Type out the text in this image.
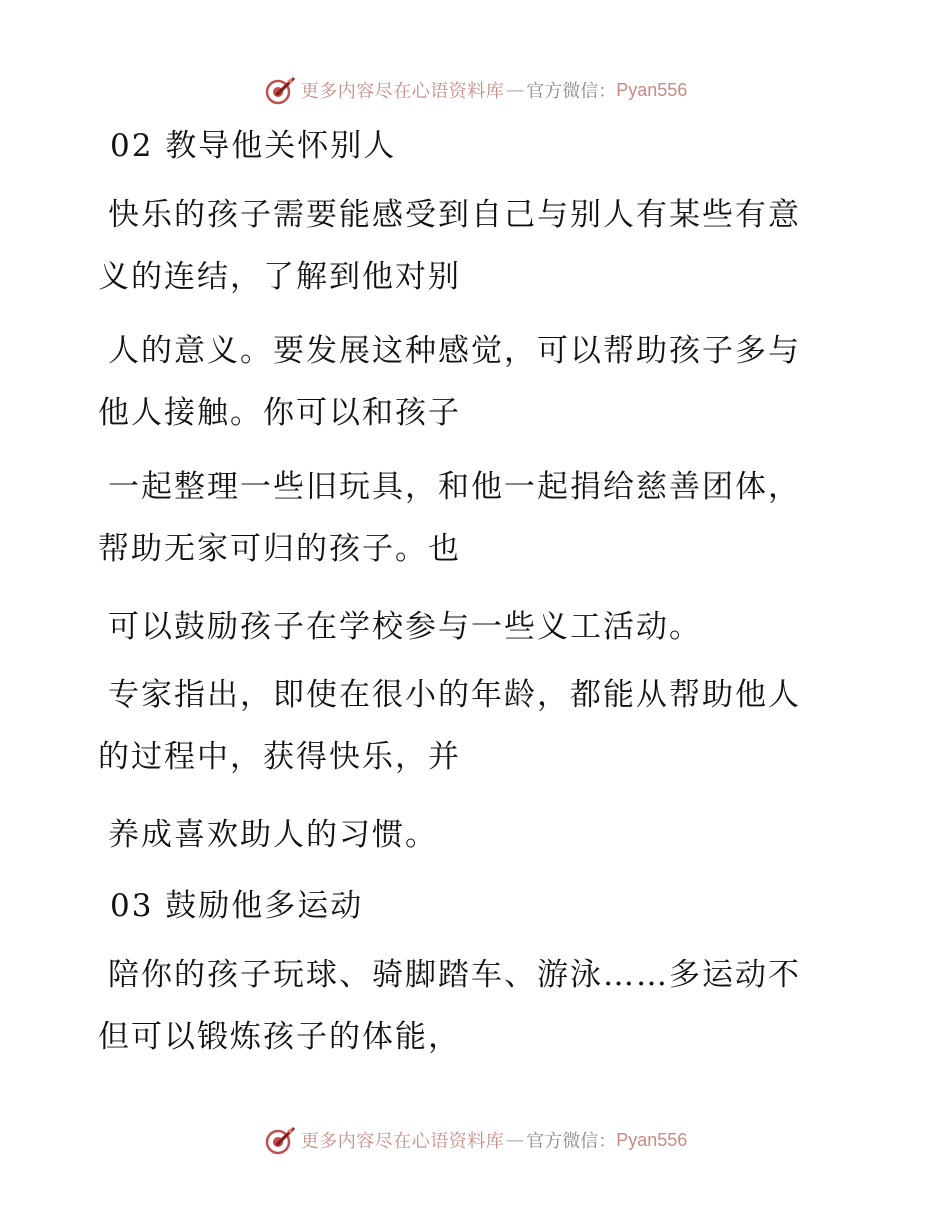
更多内容尽在心语资料库 — 官方微信： Pyan556

02 教导他关怀别人

快乐的孩子需要能感受到自己与别人有某些有意
义的连结，了解到他对别

人的意义。要发展这种感觉，可以帮助孩子多与
他人接触。你可以和孩子

一起整理一些旧玩具，和他一起捐给慈善团体，
帮助无家可归的孩子。也

可以鼓励孩子在学校参与一些义工活动。

专家指出，即使在很小的年龄，都能从帮助他人
的过程中，获得快乐，并

养成喜欢助人的习惯。

03 鼓励他多运动

陪你的孩子玩球、骑脚踏车、游泳……多运动不
但可以锻炼孩子的体能，

更多内容尽在心语资料库 — 官方微信： Pyan556
